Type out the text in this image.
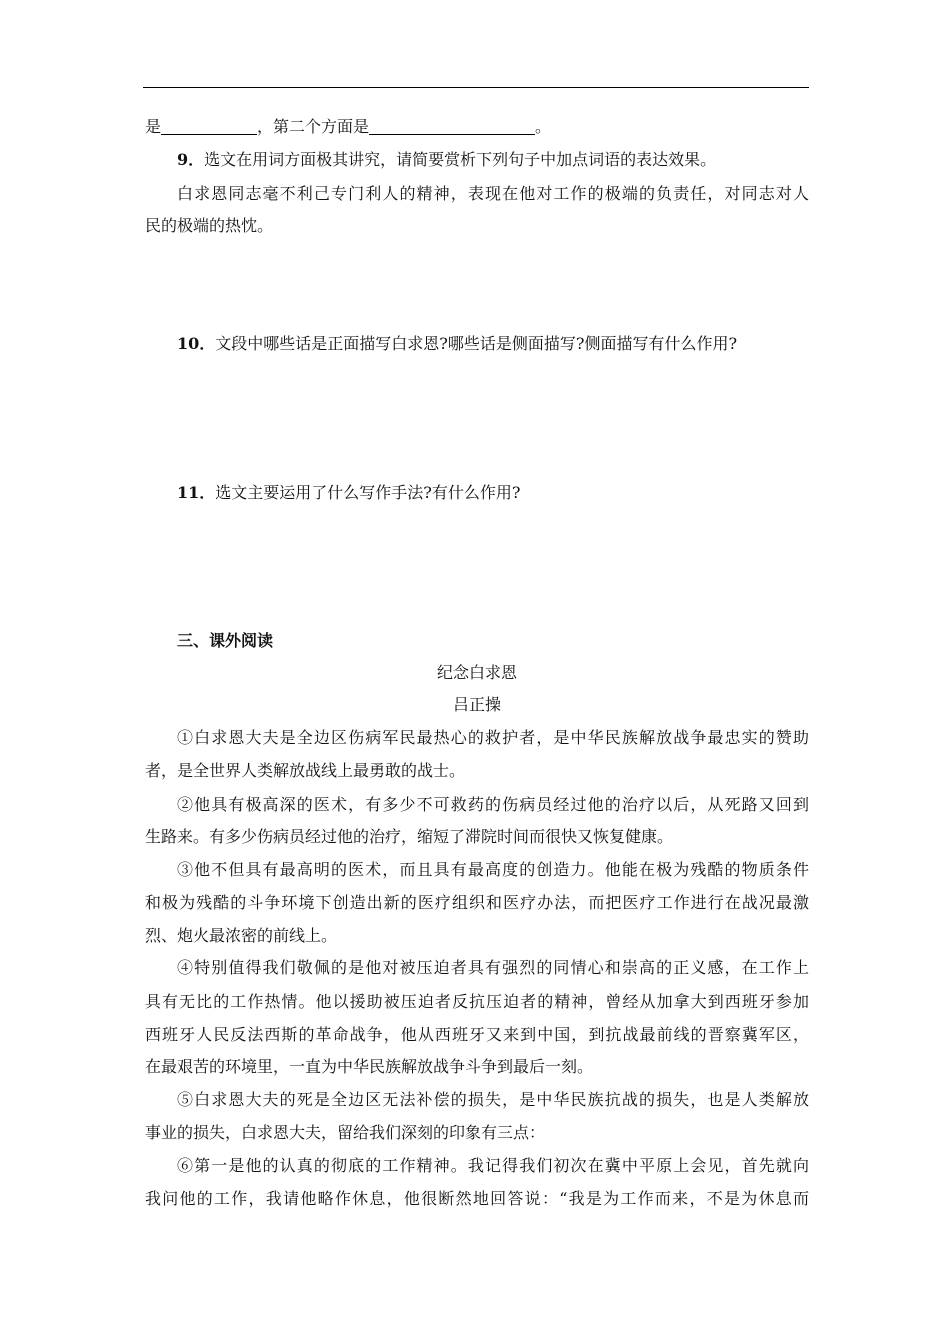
是	，第二个方面是	。
9．选文在用词方面极其讲究，请简要赏析下列句子中加点词语的表达效果。
白求恩同志毫不利己专门利人的精神，表现在他对工作的极端的负责任，对同志对人
民的极端的热忱。
10．文段中哪些话是正面描写白求恩?哪些话是侧面描写?侧面描写有什么作用?
11．选文主要运用了什么写作手法?有什么作用?
三、课外阅读
纪念白求恩
吕正操
①白求恩大夫是全边区伤病军民最热心的救护者，是中华民族解放战争最忠实的赞助
者，是全世界人类解放战线上最勇敢的战士。
②他具有极高深的医术，有多少不可救药的伤病员经过他的治疗以后，从死路又回到
生路来。有多少伤病员经过他的治疗，缩短了滞院时间而很快又恢复健康。
③他不但具有最高明的医术，而且具有最高度的创造力。他能在极为残酷的物质条件
和极为残酷的斗争环境下创造出新的医疗组织和医疗办法，而把医疗工作进行在战况最激
烈、炮火最浓密的前线上。
④特别值得我们敬佩的是他对被压迫者具有强烈的同情心和崇高的正义感，在工作上
具有无比的工作热情。他以援助被压迫者反抗压迫者的精神，曾经从加拿大到西班牙参加
西班牙人民反法西斯的革命战争，他从西班牙又来到中国，到抗战最前线的晋察冀军区，
在最艰苦的环境里，一直为中华民族解放战争斗争到最后一刻。
⑤白求恩大夫的死是全边区无法补偿的损失，是中华民族抗战的损失，也是人类解放
事业的损失，白求恩大夫，留给我们深刻的印象有三点：
⑥第一是他的认真的彻底的工作精神。我记得我们初次在冀中平原上会见，首先就向
我问他的工作，我请他略作休息，他很断然地回答说：“我是为工作而来，不是为休息而
